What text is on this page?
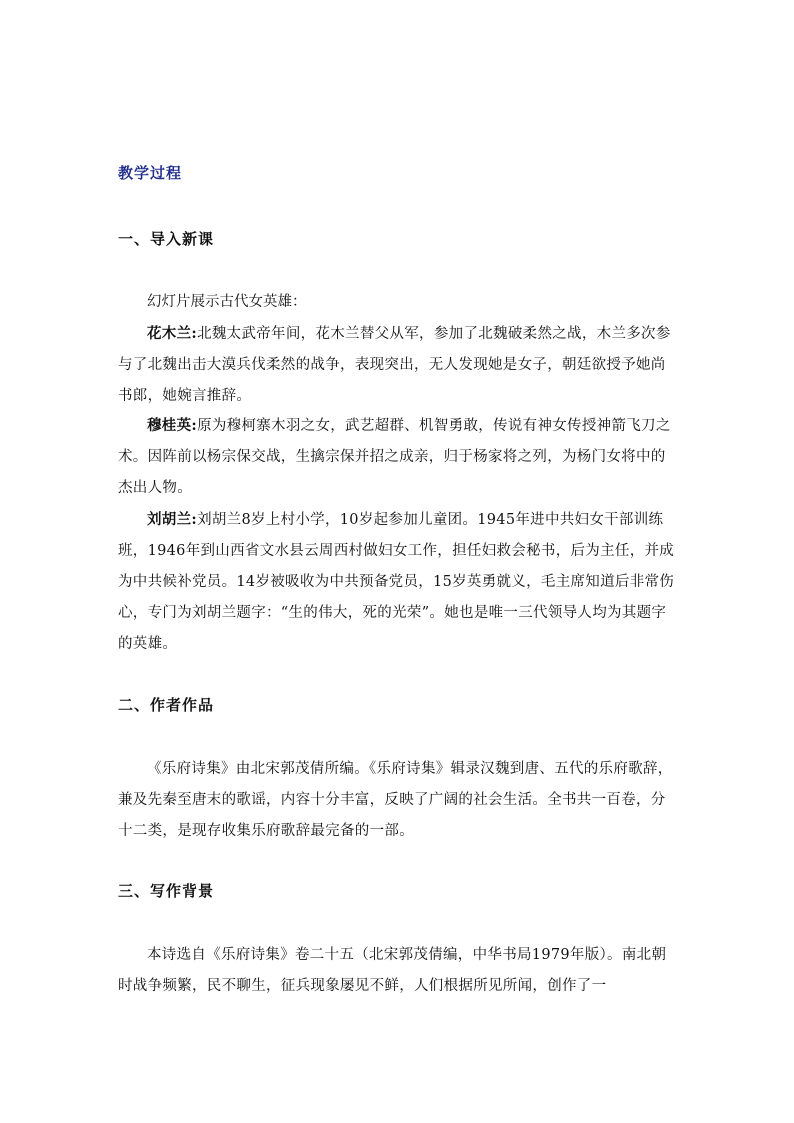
教学过程
一、导入新课
幻灯片展示古代女英雄：
花木兰:北魏太武帝年间，花木兰替父从军，参加了北魏破柔然之战，木兰多次参与了北魏出击大漠兵伐柔然的战争，表现突出，无人发现她是女子，朝廷欲授予她尚书郎，她婉言推辞。
穆桂英:原为穆柯寨木羽之女，武艺超群、机智勇敢，传说有神女传授神箭飞刀之术。因阵前以杨宗保交战，生擒宗保并招之成亲，归于杨家将之列，为杨门女将中的杰出人物。
刘胡兰:刘胡兰8岁上村小学，10岁起参加儿童团。1945年进中共妇女干部训练班，1946年到山西省文水县云周西村做妇女工作，担任妇救会秘书，后为主任，并成为中共候补党员。14岁被吸收为中共预备党员，15岁英勇就义，毛主席知道后非常伤心，专门为刘胡兰题字：“生的伟大，死的光荣”。她也是唯一三代领导人均为其题字的英雄。
二、作者作品
《乐府诗集》由北宋郭茂倩所编。《乐府诗集》辑录汉魏到唐、五代的乐府歌辞，兼及先秦至唐末的歌谣，内容十分丰富，反映了广阔的社会生活。全书共一百卷，分十二类，是现存收集乐府歌辞最完备的一部。
三、写作背景
本诗选自《乐府诗集》卷二十五（北宋郭茂倩编，中华书局1979年版）。南北朝时战争频繁，民不聊生，征兵现象屡见不鲜，人们根据所见所闻，创作了一
